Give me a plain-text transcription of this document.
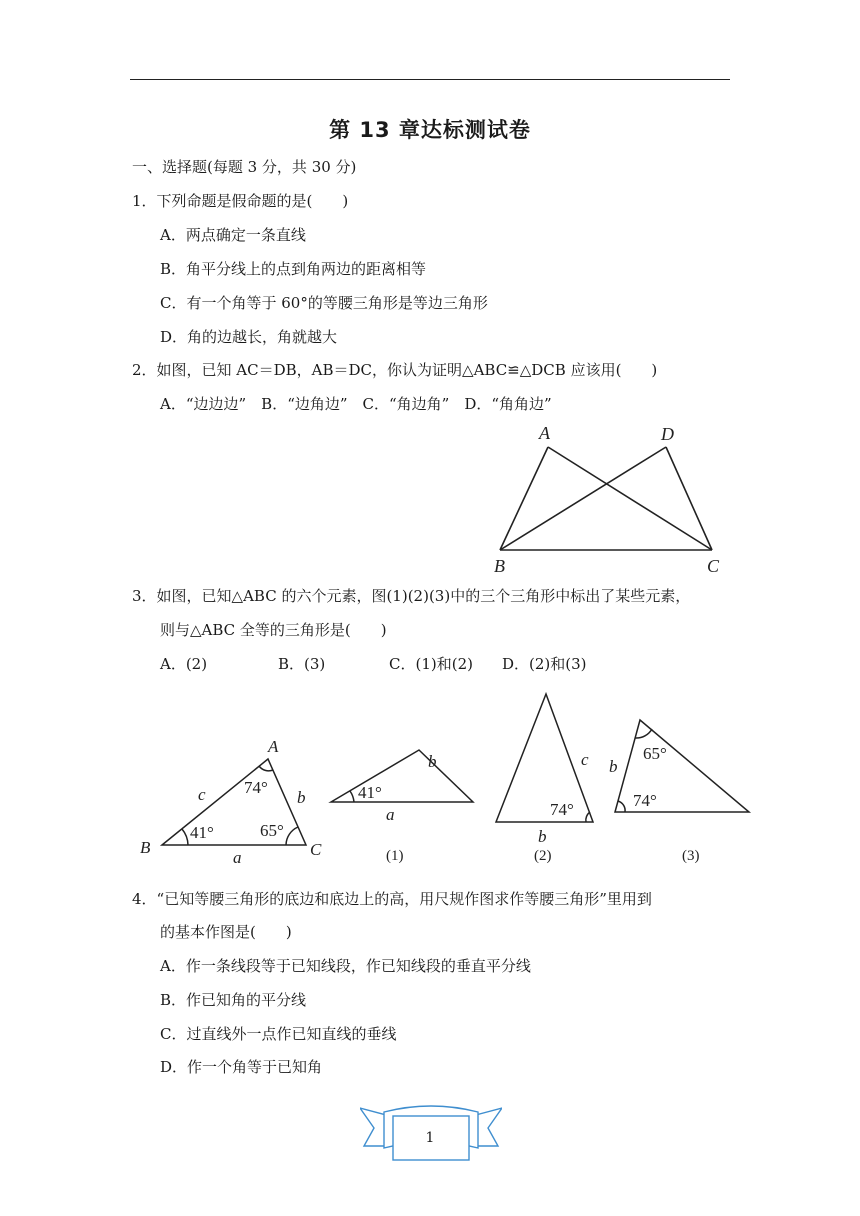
第 13 章达标测试卷
一、选择题(每题 3 分，共 30 分)
1．下列命题是假命题的是(　　)
A．两点确定一条直线
B．角平分线上的点到角两边的距离相等
C．有一个角等于 60°的等腰三角形是等边三角形
D．角的边越长，角就越大
2．如图，已知 AC＝DB，AB＝DC，你认为证明△ABC≌△DCB 应该用(　　)
A．“边边边”　B．“边角边”　C．“角边角”　D．“角角边”
A	D
B	C
3．如图，已知△ABC 的六个元素，图(1)(2)(3)中的三个三角形中标出了某些元素，
则与△ABC 全等的三角形是(　　)
A．(2)	B．(3)	C．(1)和(2) D．(2)和(3)
A
B	C
a
b
c 74°
41°	65°
b
a
41°
(1)
c
b
74°
(2)
b
65°
74°
(3)
4．“已知等腰三角形的底边和底边上的高，用尺规作图求作等腰三角形”里用到
的基本作图是(　　)
A．作一条线段等于已知线段，作已知线段的垂直平分线
B．作已知角的平分线
C．过直线外一点作已知直线的垂线
D．作一个角等于已知角
1
